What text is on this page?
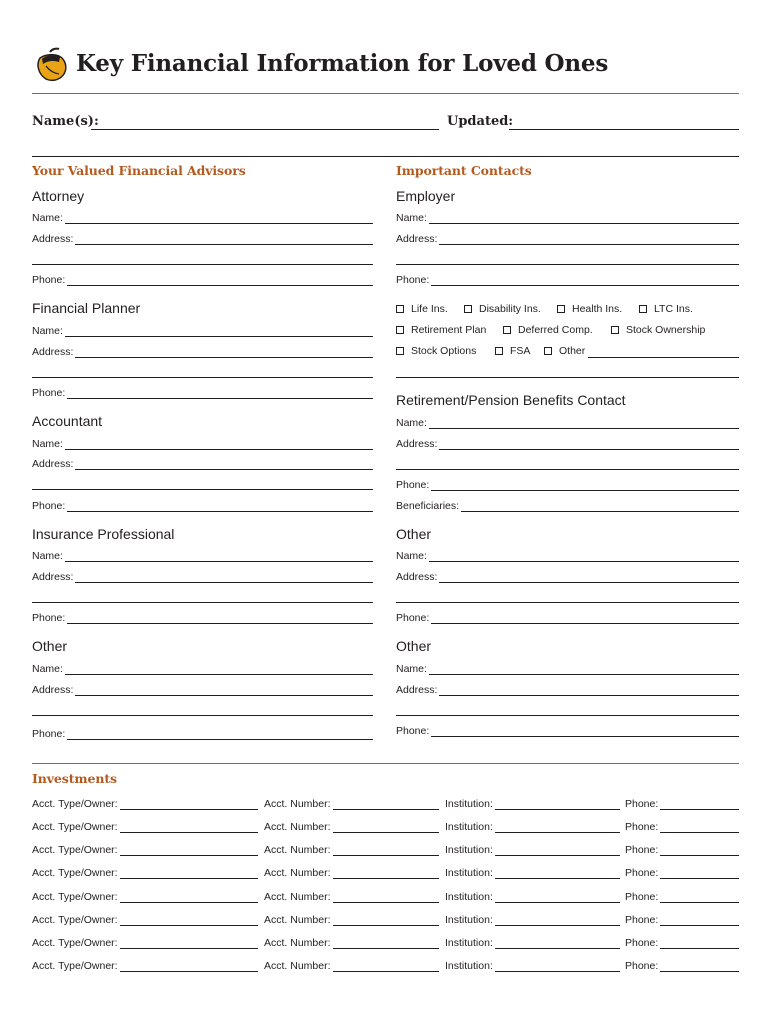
Key Financial Information for Loved Ones
Name(s):	Updated:
Your Valued Financial Advisors
Attorney
Name:
Address:
Phone:
Financial Planner
Name:
Address:
Phone:
Accountant
Name:
Address:
Phone:
Insurance Professional
Name:
Address:
Phone:
Other
Name:
Address:
Phone:
Important Contacts
Employer
Name:
Address:
Phone:
Life Ins.	Disability Ins.	Health Ins.	LTC Ins.
Retirement Plan	Deferred Comp.	Stock Ownership
Stock Options	FSA	Other
Retirement/Pension Benefits Contact
Name:
Address:
Phone:
Beneficiaries:
Other
Name:
Address:
Phone:
Other
Name:
Address:
Phone:
Investments
Acct. Type/Owner:	Acct. Number:	Institution:	Phone:
Acct. Type/Owner:	Acct. Number:	Institution:	Phone:
Acct. Type/Owner:	Acct. Number:	Institution:	Phone:
Acct. Type/Owner:	Acct. Number:	Institution:	Phone:
Acct. Type/Owner:	Acct. Number:	Institution:	Phone:
Acct. Type/Owner:	Acct. Number:	Institution:	Phone:
Acct. Type/Owner:	Acct. Number:	Institution:	Phone:
Acct. Type/Owner:	Acct. Number:	Institution:	Phone:
